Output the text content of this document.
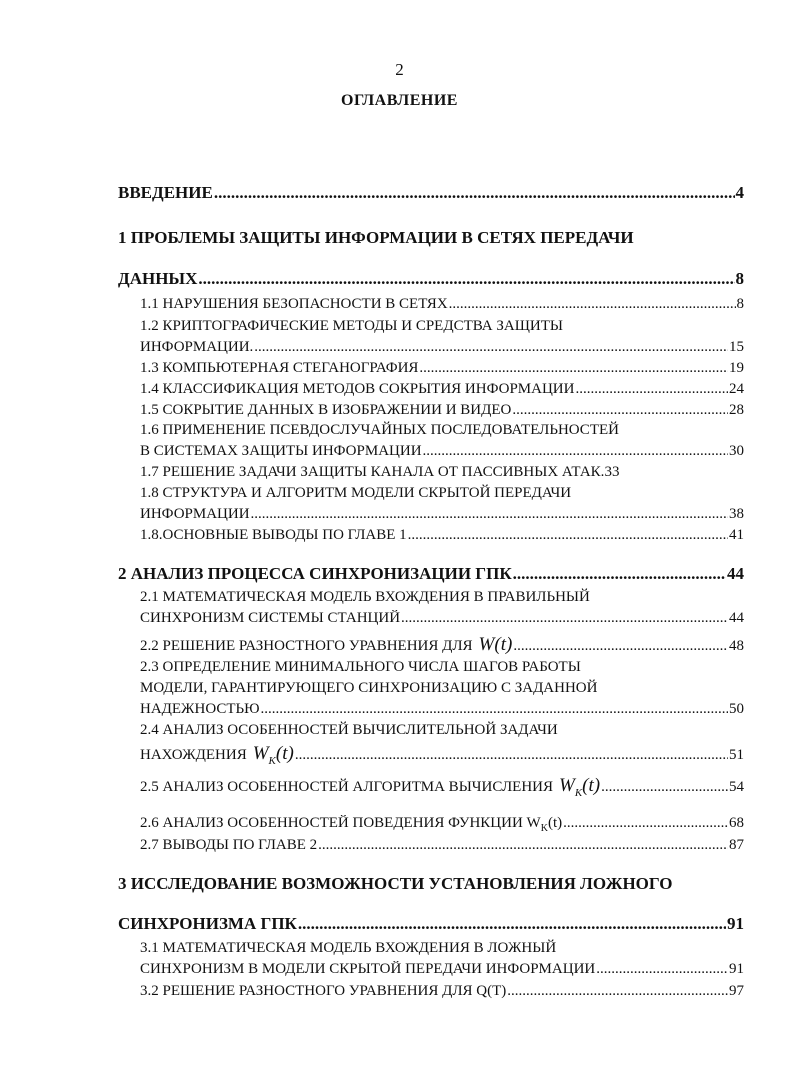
2
ОГЛАВЛЕНИЕ
ВВЕДЕНИЕ .....	4
1 ПРОБЛЕМЫ ЗАЩИТЫ ИНФОРМАЦИИ В СЕТЯХ ПЕРЕДАЧИ
ДАННЫХ .....	8
1.1 НАРУШЕНИЯ БЕЗОПАСНОСТИ В СЕТЯХ .....	8
1.2 КРИПТОГРАФИЧЕСКИЕ МЕТОДЫ И СРЕДСТВА ЗАЩИТЫ
ИНФОРМАЦИИ. .....	15
1.3 КОМПЬЮТЕРНАЯ СТЕГАНОГРАФИЯ .....	19
1.4 КЛАССИФИКАЦИЯ МЕТОДОВ СОКРЫТИЯ ИНФОРМАЦИИ .....	24
1.5 СОКРЫТИЕ ДАННЫХ В ИЗОБРАЖЕНИИ И ВИДЕО .....	28
1.6 ПРИМЕНЕНИЕ ПСЕВДОСЛУЧАЙНЫХ ПОСЛЕДОВАТЕЛЬНОСТЕЙ
В СИСТЕМАХ ЗАЩИТЫ ИНФОРМАЦИИ .....	30
1.7 РЕШЕНИЕ ЗАДАЧИ ЗАЩИТЫ КАНАЛА ОТ ПАССИВНЫХ АТАК. 33
1.8 СТРУКТУРА И АЛГОРИТМ МОДЕЛИ СКРЫТОЙ ПЕРЕДАЧИ
ИНФОРМАЦИИ .....	38
1.8.ОСНОВНЫЕ ВЫВОДЫ ПО ГЛАВЕ 1 .....	41
2 АНАЛИЗ ПРОЦЕССА СИНХРОНИЗАЦИИ ГПК .....	44
2.1 МАТЕМАТИЧЕСКАЯ МОДЕЛЬ ВХОЖДЕНИЯ В ПРАВИЛЬНЫЙ
СИНХРОНИЗМ СИСТЕМЫ СТАНЦИЙ .....	44
2.2 РЕШЕНИЕ РАЗНОСТНОГО УРАВНЕНИЯ ДЛЯ W(t) .....	48
2.3 ОПРЕДЕЛЕНИЕ МИНИМАЛЬНОГО ЧИСЛА ШАГОВ РАБОТЫ
МОДЕЛИ, ГАРАНТИРУЮЩЕГО СИНХРОНИЗАЦИЮ С ЗАДАННОЙ
НАДЕЖНОСТЬЮ .....	50
2.4 АНАЛИЗ ОСОБЕННОСТЕЙ ВЫЧИСЛИТЕЛЬНОЙ ЗАДАЧИ
НАХОЖДЕНИЯ $W_K(t)$ .....	51
2.5 АНАЛИЗ ОСОБЕННОСТЕЙ АЛГОРИТМА ВЫЧИСЛЕНИЯ $W_K(t)$ .....	54
2.6 АНАЛИЗ ОСОБЕННОСТЕЙ ПОВЕДЕНИЯ ФУНКЦИИ $W_K(t)$ .....	68
2.7 ВЫВОДЫ ПО ГЛАВЕ 2 .....	87
3 ИССЛЕДОВАНИЕ ВОЗМОЖНОСТИ УСТАНОВЛЕНИЯ ЛОЖНОГО
СИНХРОНИЗМА ГПК .....	91
3.1 МАТЕМАТИЧЕСКАЯ МОДЕЛЬ ВХОЖДЕНИЯ В ЛОЖНЫЙ
СИНХРОНИЗМ В МОДЕЛИ СКРЫТОЙ ПЕРЕДАЧИ ИНФОРМАЦИИ .....	91
3.2 РЕШЕНИЕ РАЗНОСТНОГО УРАВНЕНИЯ ДЛЯ Q(T) .....	97
